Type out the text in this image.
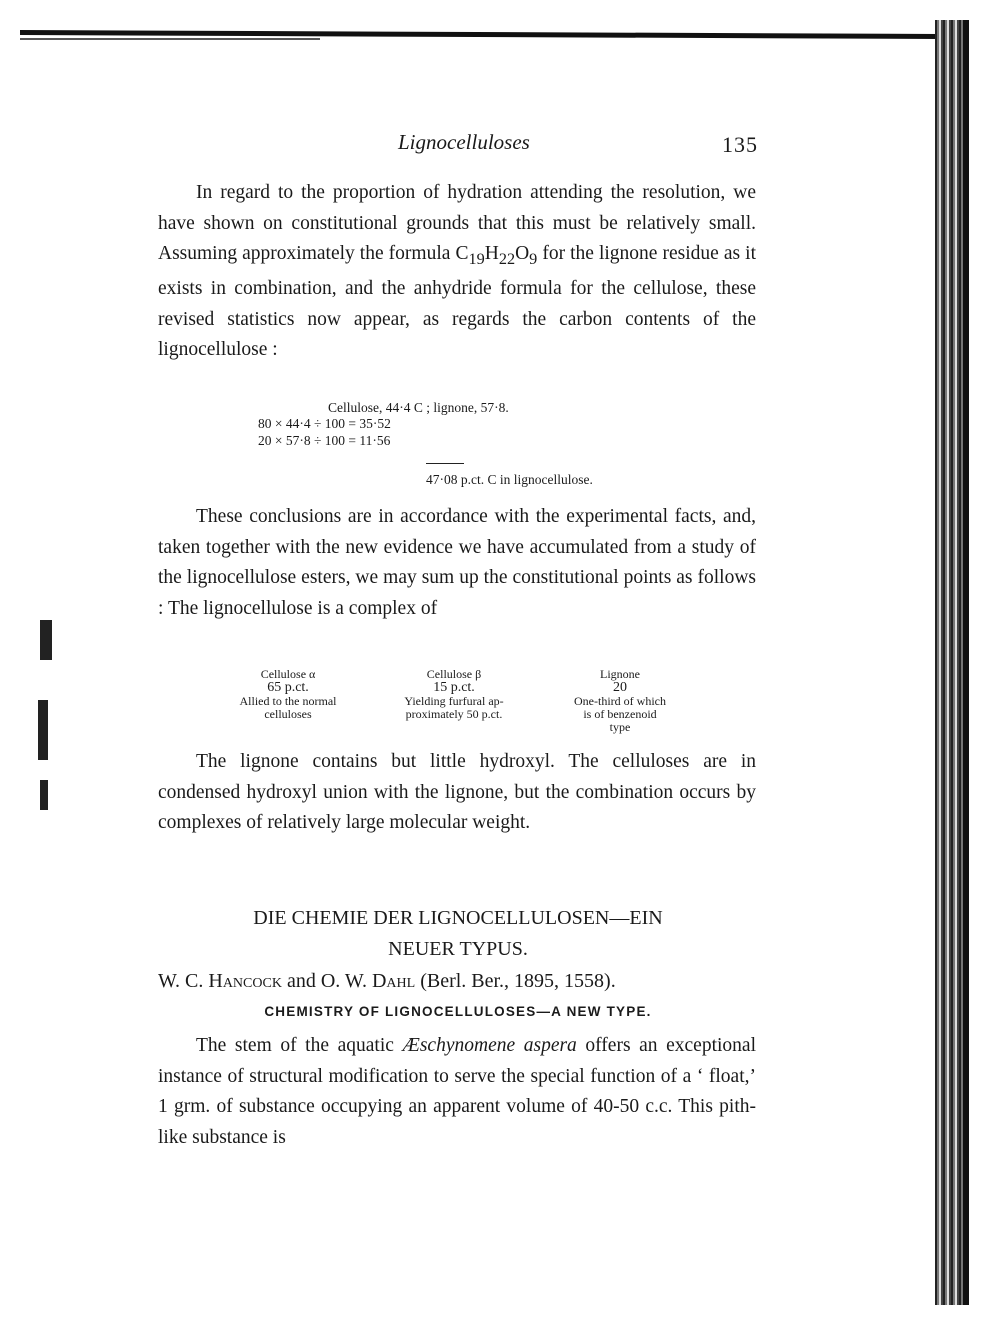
Lignocelluloses	135

In regard to the proportion of hydration attending the resolution, we have shown on constitutional grounds that this must be relatively small. Assuming approximately the formula $C_{19}H_{22}O_9$ for the lignone residue as it exists in combination, and the anhydride formula for the cellulose, these revised statistics now appear, as regards the carbon contents of the lignocellulose :

Cellulose, 44·4 C ; lignone, 57·8.
80 × 44·4 ÷ 100 = 35·52
20 × 57·8 ÷ 100 = 11·56
47·08 p.ct. C in lignocellulose.

These conclusions are in accordance with the experimental facts, and, taken together with the new evidence we have accumulated from a study of the lignocellulose esters, we may sum up the constitutional points as follows : The lignocellulose is a complex of

Cellulose α
65 p.ct.
Allied to the normal
celluloses
Cellulose β
15 p.ct.
Yielding furfural ap-
proximately 50 p.ct.
Lignone
20
One-third of which
is of benzenoid
type

The lignone contains but little hydroxyl. The celluloses are in condensed hydroxyl union with the lignone, but the combination occurs by complexes of relatively large molecular weight.

DIE CHEMIE DER LIGNOCELLULOSEN—EIN
NEUER TYPUS.
W. C. Hancock and O. W. Dahl (Berl. Ber., 1895, 1558).
CHEMISTRY OF LIGNOCELLULOSES—A NEW TYPE.

The stem of the aquatic Æschynomene aspera offers an exceptional instance of structural modification to serve the special function of a ‘ float,’ 1 grm. of substance occupying an apparent volume of 40-50 c.c. This pith-like substance is
